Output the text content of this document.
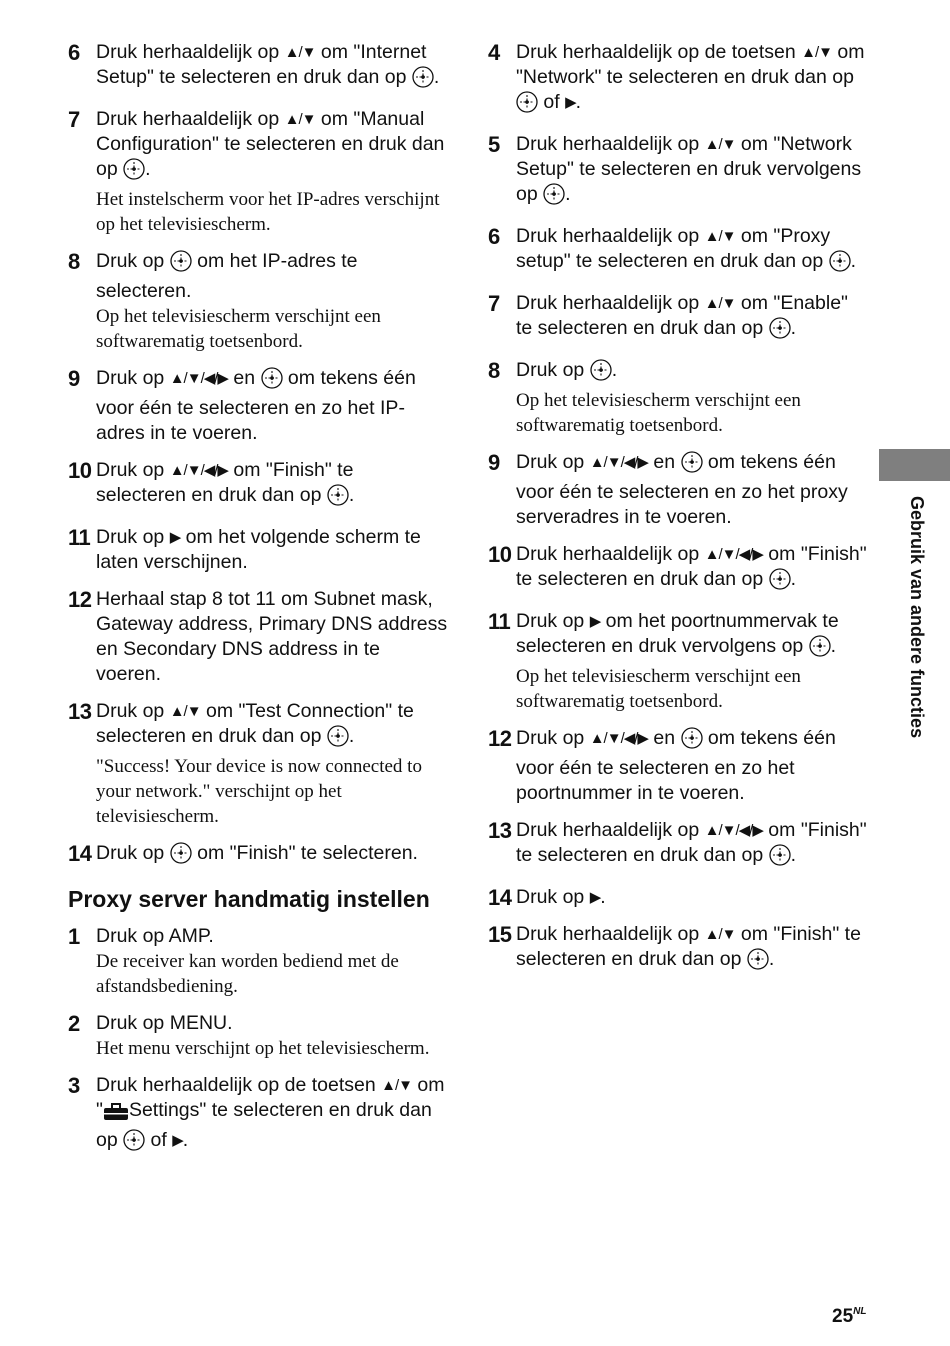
6 Druk herhaaldelijk op ▲/▼ om "Internet Setup" te selecteren en druk dan op .
7 Druk herhaaldelijk op ▲/▼ om "Manual Configuration" te selecteren en druk dan op .
Het instelscherm voor het IP-adres verschijnt op het televisiescherm.
8 Druk op  om het IP-adres te selecteren.
Op het televisiescherm verschijnt een softwarematig toetsenbord.
9 Druk op ▲/▼/◀/▶ en  om tekens één voor één te selecteren en zo het IP-adres in te voeren.
10 Druk op ▲/▼/◀/▶ om "Finish" te selecteren en druk dan op .
11 Druk op ▶ om het volgende scherm te laten verschijnen.
12 Herhaal stap 8 tot 11 om Subnet mask, Gateway address, Primary DNS address en Secondary DNS address in te voeren.
13 Druk op ▲/▼ om "Test Connection" te selecteren en druk dan op .
"Success! Your device is now connected to your network." verschijnt op het televisiescherm.
14 Druk op  om "Finish" te selecteren.
Proxy server handmatig instellen
1 Druk op AMP.
De receiver kan worden bediend met de afstandsbediening.
2 Druk op MENU.
Het menu verschijnt op het televisiescherm.
3 Druk herhaaldelijk op de toetsen ▲/▼ om " Settings" te selecteren en druk dan op  of ▶.
4 Druk herhaaldelijk op de toetsen ▲/▼ om "Network" te selecteren en druk dan op  of ▶.
5 Druk herhaaldelijk op ▲/▼ om "Network Setup" te selecteren en druk vervolgens op .
6 Druk herhaaldelijk op ▲/▼ om "Proxy setup" te selecteren en druk dan op .
7 Druk herhaaldelijk op ▲/▼ om "Enable" te selecteren en druk dan op .
8 Druk op .
Op het televisiescherm verschijnt een softwarematig toetsenbord.
9 Druk op ▲/▼/◀/▶ en  om tekens één voor één te selecteren en zo het proxy serveradres in te voeren.
10 Druk herhaaldelijk op ▲/▼/◀/▶ om "Finish" te selecteren en druk dan op .
11 Druk op ▶ om het poortnummervak te selecteren en druk vervolgens op .
Op het televisiescherm verschijnt een softwarematig toetsenbord.
12 Druk op ▲/▼/◀/▶ en  om tekens één voor één te selecteren en zo het poortnummer in te voeren.
13 Druk herhaaldelijk op ▲/▼/◀/▶ om "Finish" te selecteren en druk dan op .
14 Druk op ▶.
15 Druk herhaaldelijk op ▲/▼ om "Finish" te selecteren en druk dan op .
Gebruik van andere functies
$25^{NL}$
